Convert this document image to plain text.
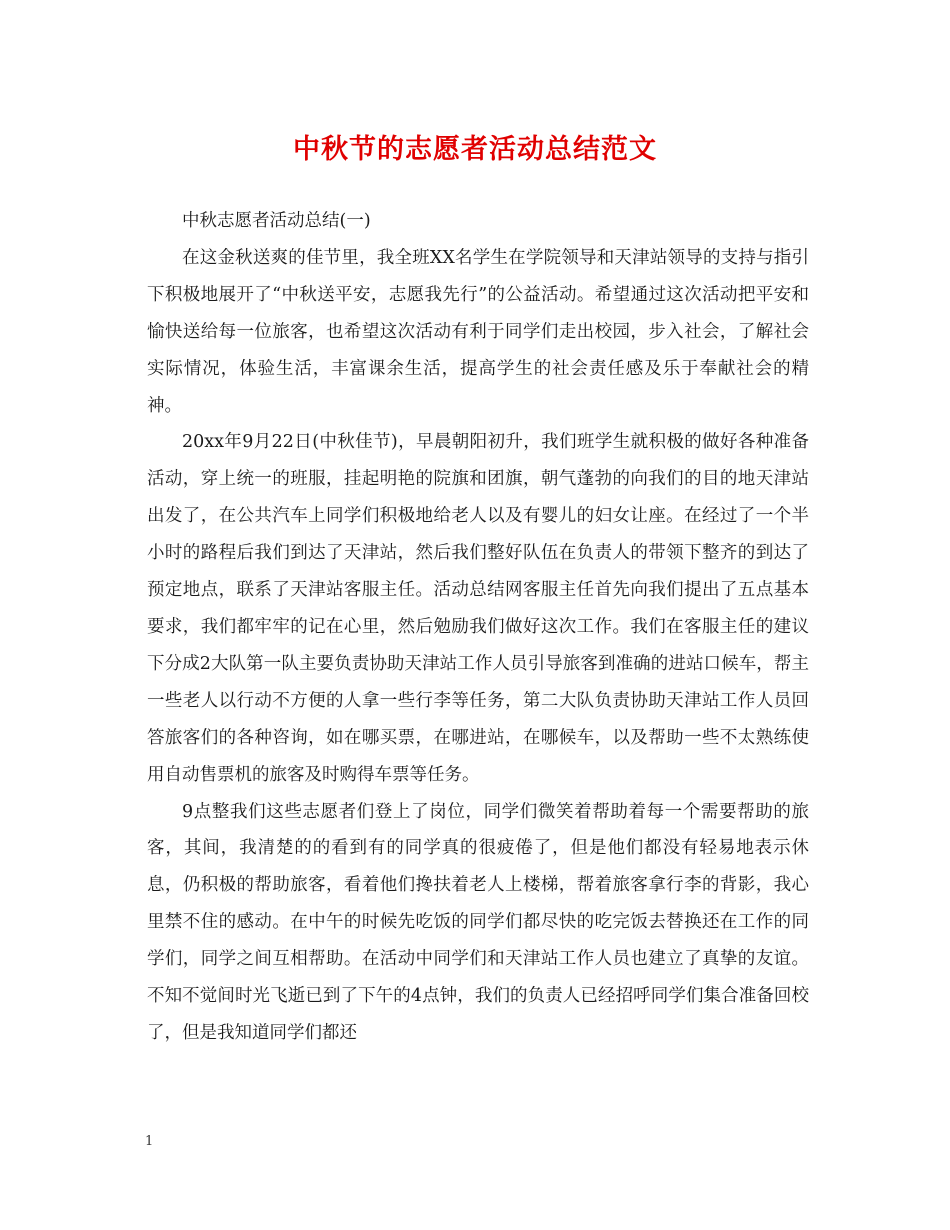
中秋节的志愿者活动总结范文

中秋志愿者活动总结(一)

在这金秋送爽的佳节里，我全班XX名学生在学院领导和天津站领导的支持与指引下积极地展开了“中秋送平安，志愿我先行”的公益活动。希望通过这次活动把平安和愉快送给每一位旅客，也希望这次活动有利于同学们走出校园，步入社会，了解社会实际情况，体验生活，丰富课余生活，提高学生的社会责任感及乐于奉献社会的精神。

20xx年9月22日(中秋佳节)，早晨朝阳初升，我们班学生就积极的做好各种准备活动，穿上统一的班服，挂起明艳的院旗和团旗，朝气蓬勃的向我们的目的地天津站出发了，在公共汽车上同学们积极地给老人以及有婴儿的妇女让座。在经过了一个半小时的路程后我们到达了天津站，然后我们整好队伍在负责人的带领下整齐的到达了预定地点，联系了天津站客服主任。活动总结网客服主任首先向我们提出了五点基本要求，我们都牢牢的记在心里，然后勉励我们做好这次工作。我们在客服主任的建议下分成2大队第一队主要负责协助天津站工作人员引导旅客到准确的进站口候车，帮主一些老人以行动不方便的人拿一些行李等任务，第二大队负责协助天津站工作人员回答旅客们的各种咨询，如在哪买票，在哪进站，在哪候车，以及帮助一些不太熟练使用自动售票机的旅客及时购得车票等任务。

9点整我们这些志愿者们登上了岗位，同学们微笑着帮助着每一个需要帮助的旅客，其间，我清楚的的看到有的同学真的很疲倦了，但是他们都没有轻易地表示休息，仍积极的帮助旅客，看着他们搀扶着老人上楼梯，帮着旅客拿行李的背影，我心里禁不住的感动。在中午的时候先吃饭的同学们都尽快的吃完饭去替换还在工作的同学们，同学之间互相帮助。在活动中同学们和天津站工作人员也建立了真挚的友谊。不知不觉间时光飞逝已到了下午的4点钟，我们的负责人已经招呼同学们集合准备回校了，但是我知道同学们都还

1
